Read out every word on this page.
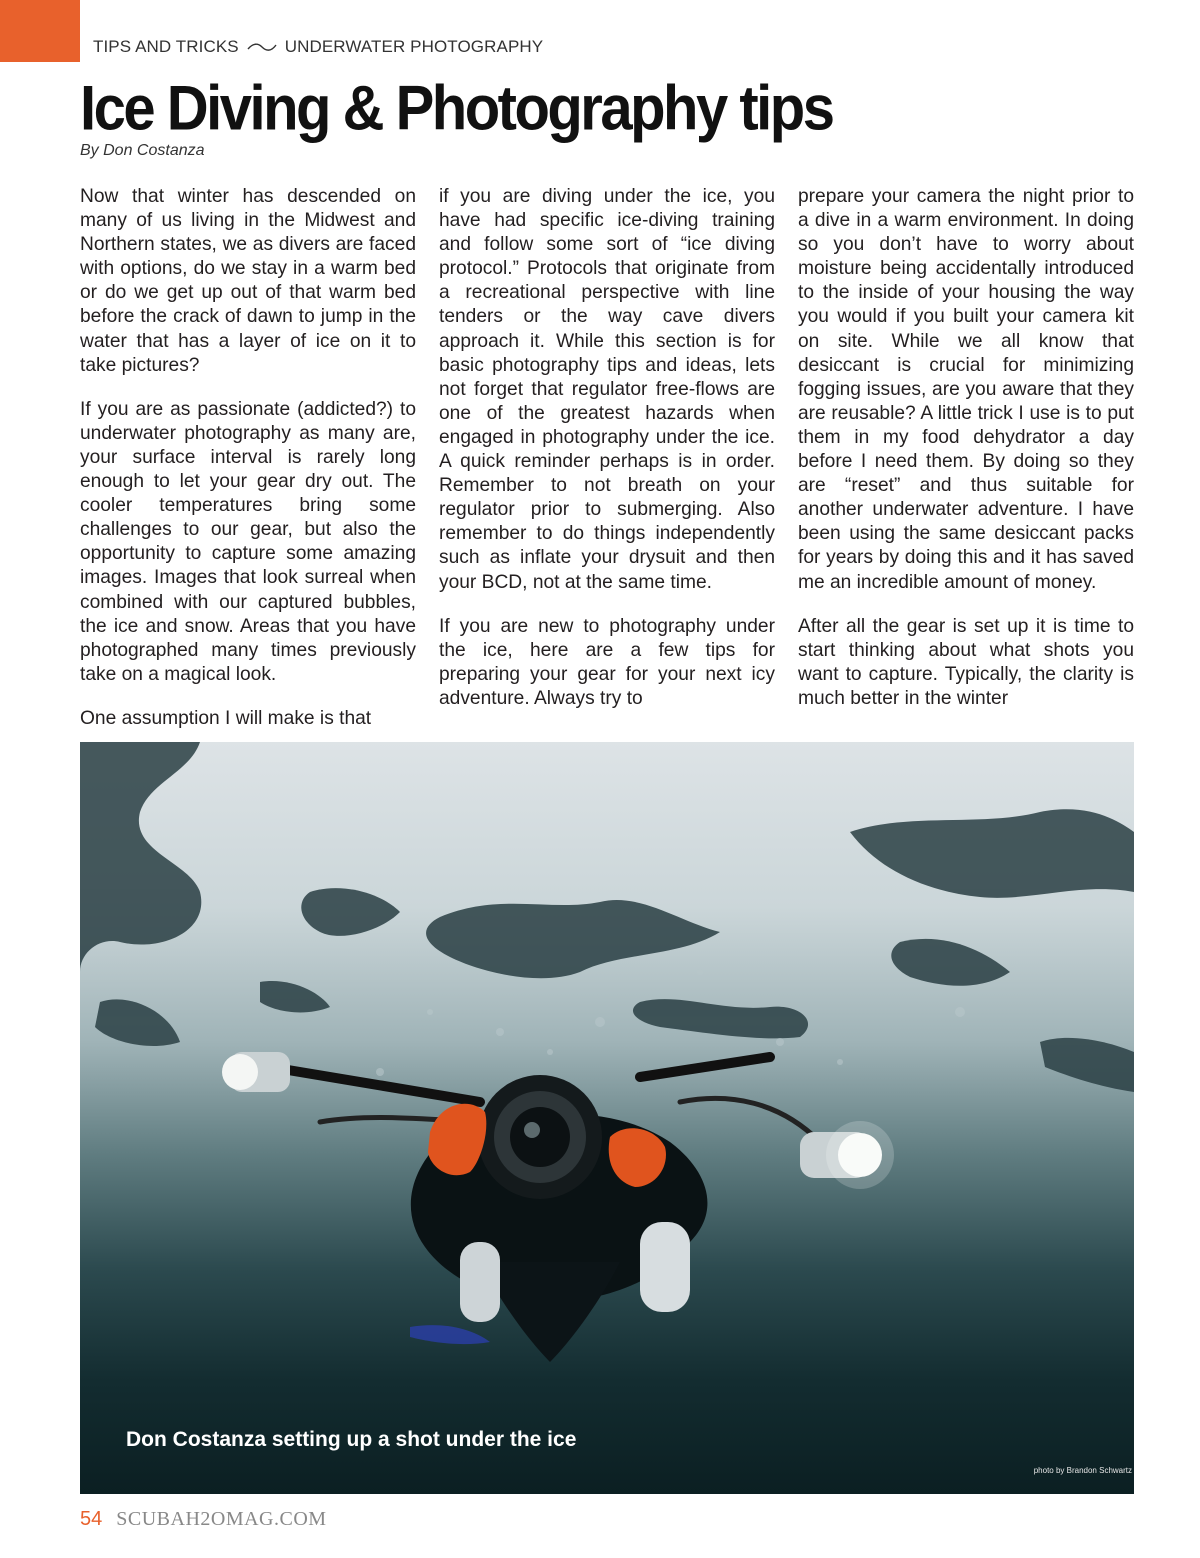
TIPS AND TRICKS	UNDERWATER PHOTOGRAPHY
Ice Diving & Photography tips
By Don Costanza

Now that winter has descended on many of us living in the Midwest and Northern states, we as divers are faced with options, do we stay in a warm bed or do we get up out of that warm bed before the crack of dawn to jump in the water that has a layer of ice on it to take pictures?

If you are as passionate (addicted?) to underwater photography as many are, your surface interval is rarely long enough to let your gear dry out. The cooler temperatures bring some challenges to our gear, but also the opportunity to capture some amazing images. Images that look surreal when combined with our captured bubbles, the ice and snow. Areas that you have photographed many times previously take on a magical look.

One assumption I will make is that

if you are diving under the ice, you have had specific ice-diving training and follow some sort of “ice diving protocol.” Protocols that originate from a recreational perspective with line tenders or the way cave divers approach it. While this section is for basic photography tips and ideas, lets not forget that regulator free-flows are one of the greatest hazards when engaged in photography under the ice. A quick reminder perhaps is in order. Remember to not breath on your regulator prior to submerging. Also remember to do things independently such as inflate your drysuit and then your BCD, not at the same time.

If you are new to photography under the ice, here are a few tips for preparing your gear for your next icy adventure. Always try to

prepare your camera the night prior to a dive in a warm environment. In doing so you don’t have to worry about moisture being accidentally introduced to the inside of your housing the way you would if you built your camera kit on site. While we all know that desiccant is crucial for minimizing fogging issues, are you aware that they are reusable? A little trick I use is to put them in my food dehydrator a day before I need them. By doing so they are “reset” and thus suitable for another underwater adventure. I have been using the same desiccant packs for years by doing this and it has saved me an incredible amount of money.

After all the gear is set up it is time to start thinking about what shots you want to capture. Typically, the clarity is much better in the winter

Don Costanza setting up a shot under the ice
photo by Brandon Schwartz
54 SCUBAH2OMAG.COM
